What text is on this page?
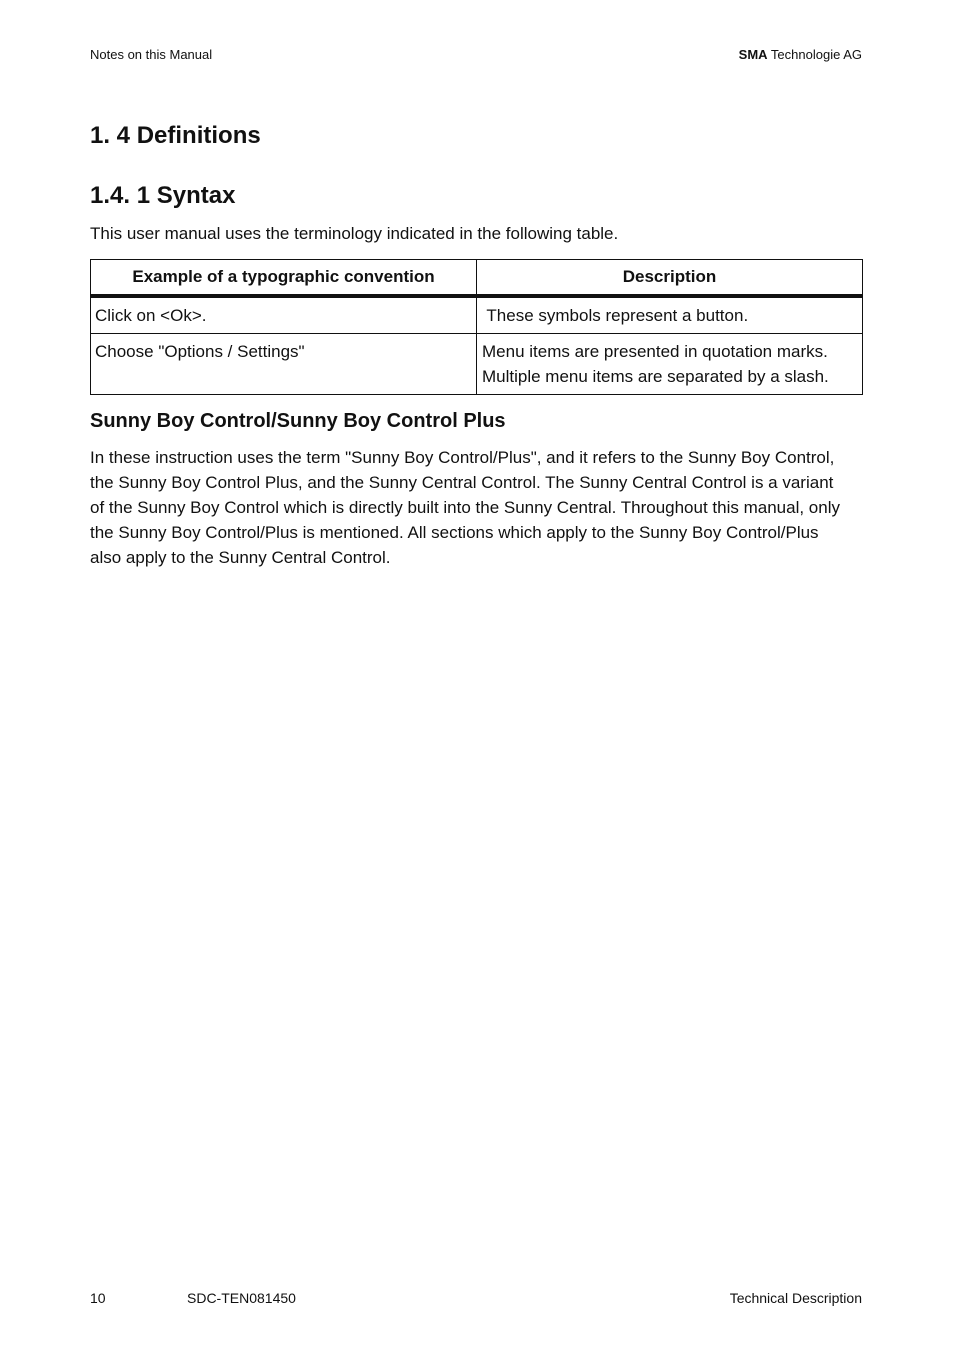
Notes on this Manual	SMA Technologie AG
1. 4 Definitions
1.4. 1 Syntax

This user manual uses the terminology indicated in the following table.

Example of a typographic convention	Description
Click on <Ok>.	These symbols represent a button.
Choose "Options / Settings"	Menu items are presented in quotation marks.
Multiple menu items are separated by a slash.
Sunny Boy Control/Sunny Boy Control Plus
In these instruction uses the term "Sunny Boy Control/Plus", and it refers to the Sunny Boy Control,
the Sunny Boy Control Plus, and the Sunny Central Control. The Sunny Central Control is a variant
of the Sunny Boy Control which is directly built into the Sunny Central. Throughout this manual, only
the Sunny Boy Control/Plus is mentioned. All sections which apply to the Sunny Boy Control/Plus
also apply to the Sunny Central Control.
10	SDC-TEN081450	Technical Description
